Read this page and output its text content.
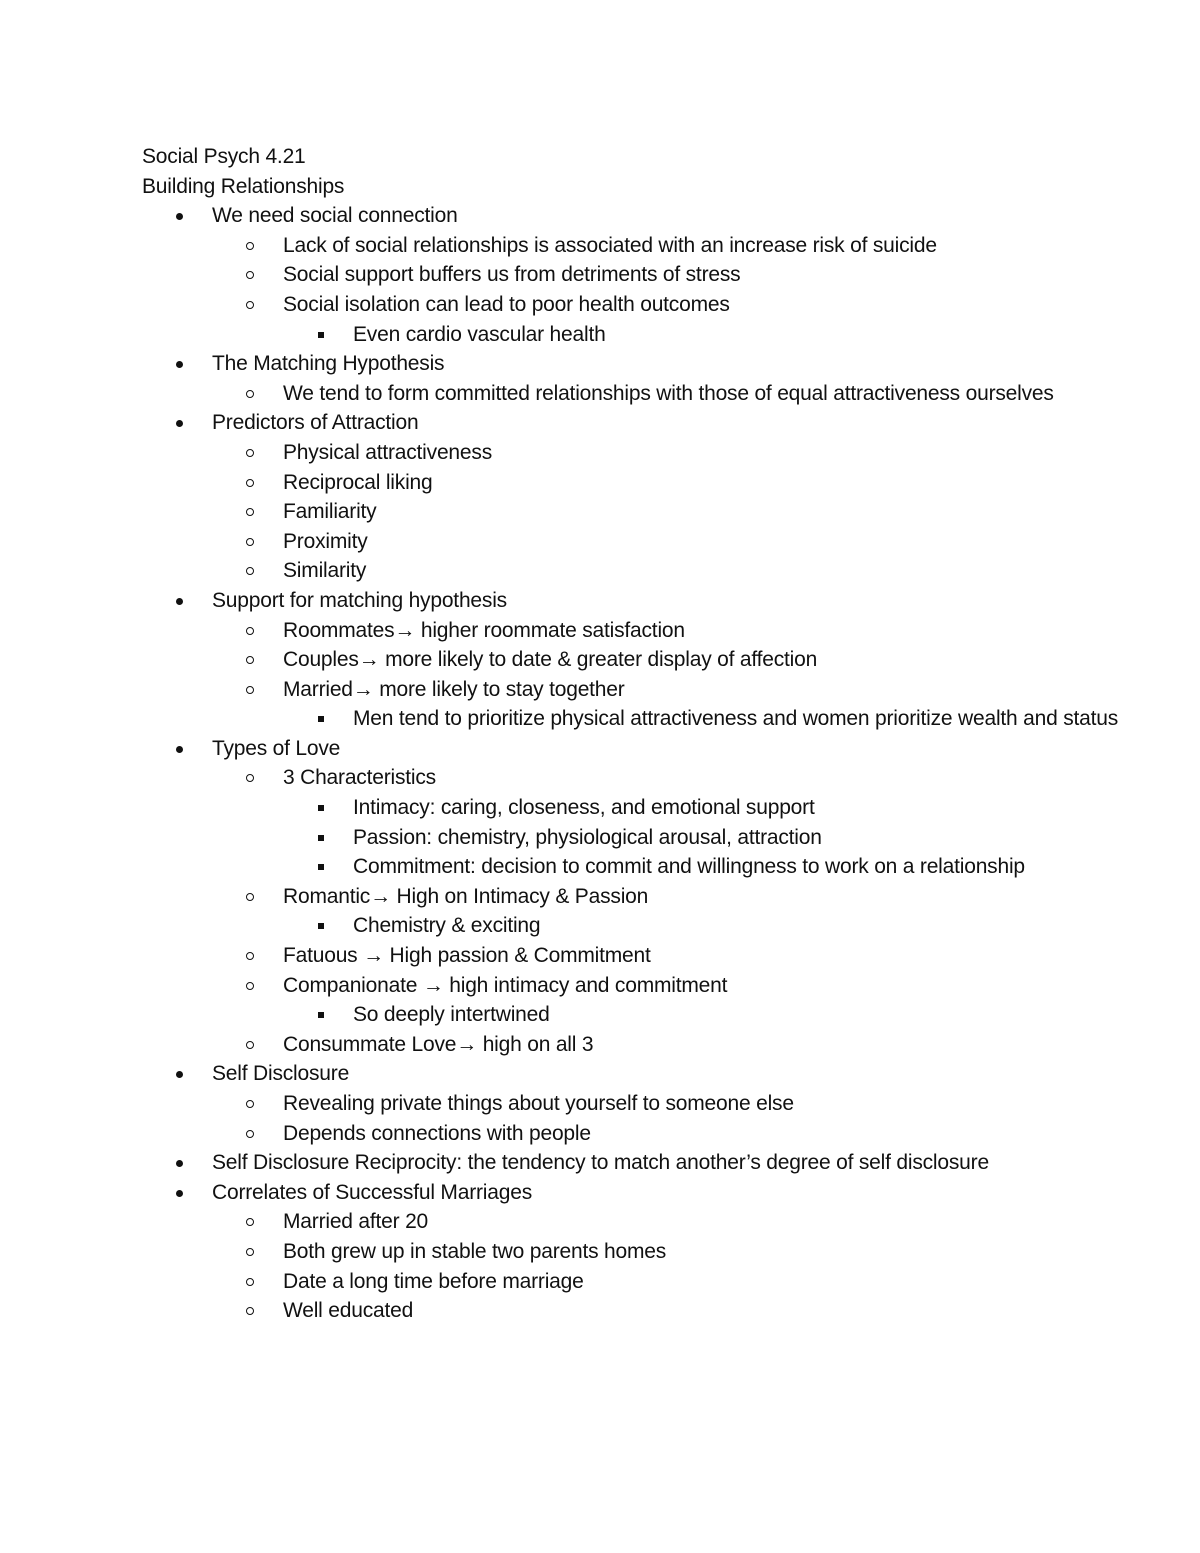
Social Psych 4.21
Building Relationships
We need social connection
Lack of social relationships is associated with an increase risk of suicide
Social support buffers us from detriments of stress
Social isolation can lead to poor health outcomes
Even cardio vascular health
The Matching Hypothesis
We tend to form committed relationships with those of equal attractiveness ourselves
Predictors of Attraction
Physical attractiveness
Reciprocal liking
Familiarity
Proximity
Similarity
Support for matching hypothesis
Roommates→ higher roommate satisfaction
Couples→ more likely to date & greater display of affection
Married→ more likely to stay together
Men tend to prioritize physical attractiveness and women prioritize wealth and status
Types of Love
3 Characteristics
Intimacy: caring, closeness, and emotional support
Passion: chemistry, physiological arousal, attraction
Commitment: decision to commit and willingness to work on a relationship
Romantic→ High on Intimacy & Passion
Chemistry & exciting
Fatuous → High passion & Commitment
Companionate → high intimacy and commitment
So deeply intertwined
Consummate Love→ high on all 3
Self Disclosure
Revealing private things about yourself to someone else
Depends connections with people
Self Disclosure Reciprocity: the tendency to match another’s degree of self disclosure
Correlates of Successful Marriages
Married after 20
Both grew up in stable two parents homes
Date a long time before marriage
Well educated
